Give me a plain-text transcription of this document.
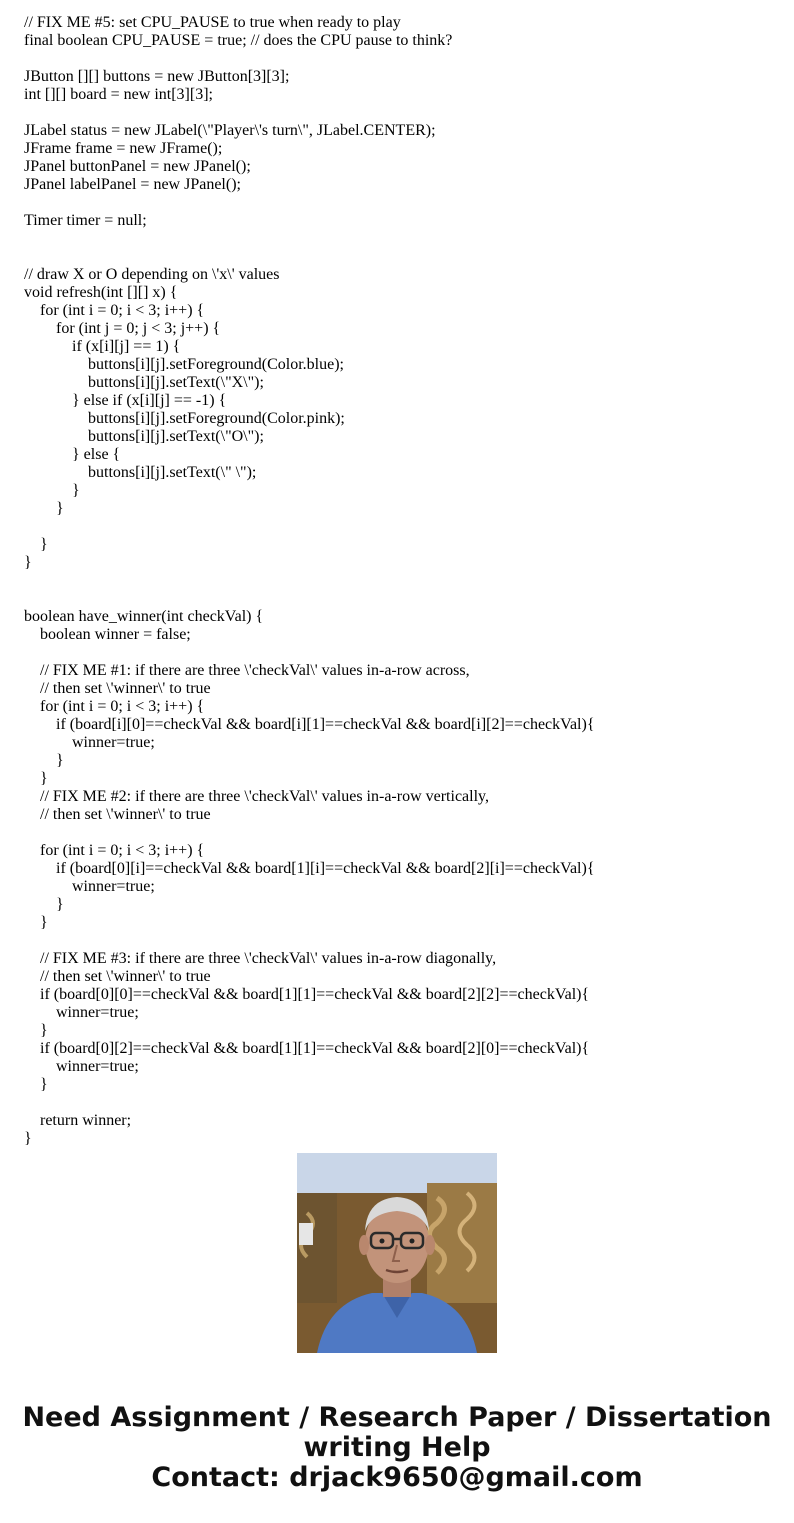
// FIX ME #5: set CPU_PAUSE to true when ready to play
final boolean CPU_PAUSE = true; // does the CPU pause to think?
JButton [][] buttons = new JButton[3][3];
int [][] board = new int[3][3];
JLabel status = new JLabel(\"Player\'s turn\", JLabel.CENTER);
JFrame frame = new JFrame();
JPanel buttonPanel = new JPanel();
JPanel labelPanel = new JPanel();
Timer timer = null;
// draw X or O depending on \'x\' values
void refresh(int [][] x) {
for (int i = 0; i < 3; i++) {
for (int j = 0; j < 3; j++) {
if (x[i][j] == 1) {
buttons[i][j].setForeground(Color.blue);
buttons[i][j].setText(\"X\");
} else if (x[i][j] == -1) {
buttons[i][j].setForeground(Color.pink);
buttons[i][j].setText(\"O\");
} else {
buttons[i][j].setText(\" \");
}
}
}
}
boolean have_winner(int checkVal) {
boolean winner = false;
// FIX ME #1: if there are three \'checkVal\' values in-a-row across,
// then set \'winner\' to true
for (int i = 0; i < 3; i++) {
if (board[i][0]==checkVal && board[i][1]==checkVal && board[i][2]==checkVal){
winner=true;
}
}
// FIX ME #2: if there are three \'checkVal\' values in-a-row vertically,
// then set \'winner\' to true
for (int i = 0; i < 3; i++) {
if (board[0][i]==checkVal && board[1][i]==checkVal && board[2][i]==checkVal){
winner=true;
}
}
// FIX ME #3: if there are three \'checkVal\' values in-a-row diagonally,
// then set \'winner\' to true
if (board[0][0]==checkVal && board[1][1]==checkVal && board[2][2]==checkVal){
winner=true;
}
if (board[0][2]==checkVal && board[1][1]==checkVal && board[2][0]==checkVal){
winner=true;
}
return winner;
}
Need Assignment / Research Paper / Dissertation
writing Help
Contact: drjack9650@gmail.com
